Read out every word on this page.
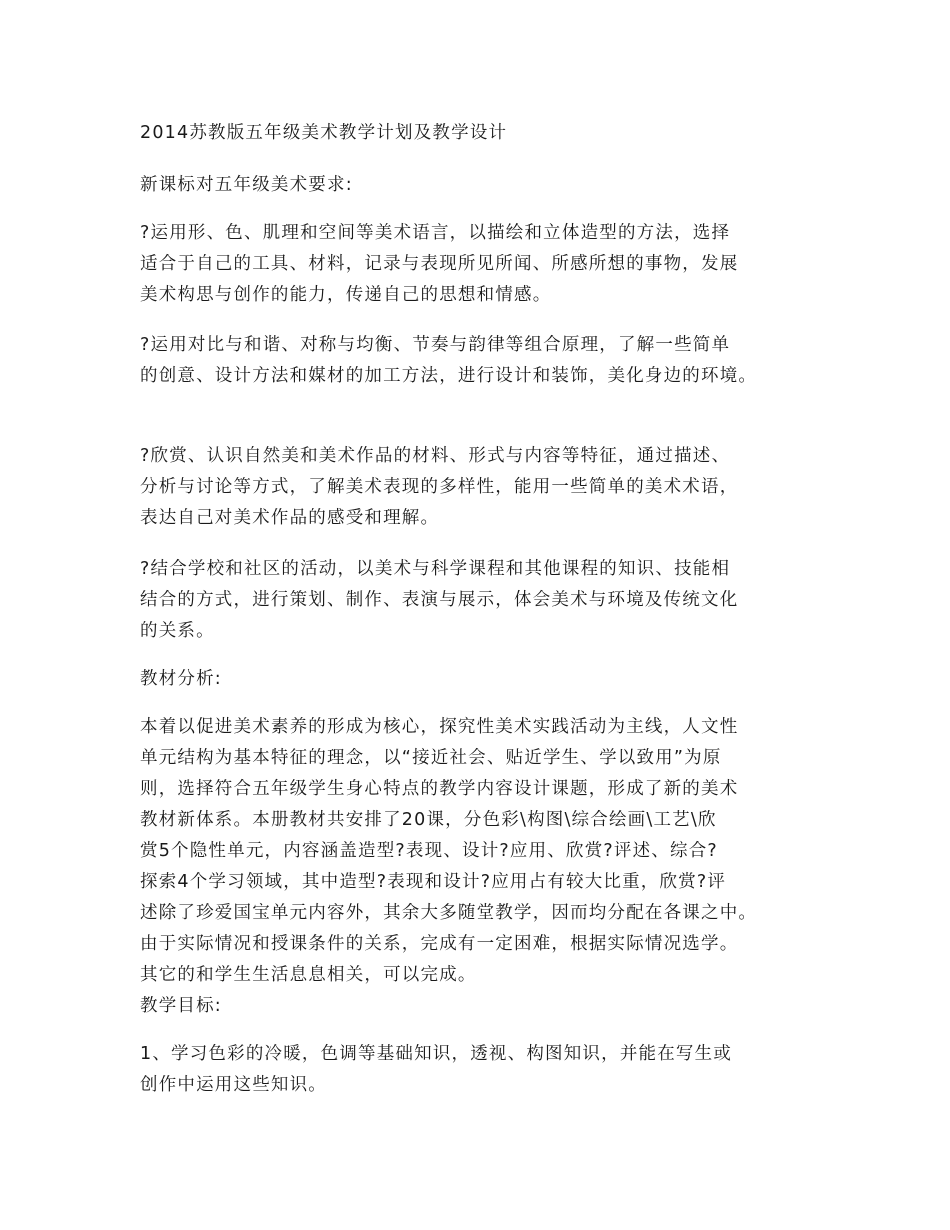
2014苏教版五年级美术教学计划及教学设计

新课标对五年级美术要求:

?运用形、色、肌理和空间等美术语言，以描绘和立体造型的方法，选择
适合于自己的工具、材料，记录与表现所见所闻、所感所想的事物，发展
美术构思与创作的能力，传递自己的思想和情感。

?运用对比与和谐、对称与均衡、节奏与韵律等组合原理，了解一些简单
的创意、设计方法和媒材的加工方法，进行设计和装饰，美化身边的环境。

?欣赏、认识自然美和美术作品的材料、形式与内容等特征，通过描述、
分析与讨论等方式，了解美术表现的多样性，能用一些简单的美术术语，
表达自己对美术作品的感受和理解。

?结合学校和社区的活动，以美术与科学课程和其他课程的知识、技能相
结合的方式，进行策划、制作、表演与展示，体会美术与环境及传统文化
的关系。

教材分析:

本着以促进美术素养的形成为核心，探究性美术实践活动为主线，人文性
单元结构为基本特征的理念，以“接近社会、贴近学生、学以致用”为原
则，选择符合五年级学生身心特点的教学内容设计课题，形成了新的美术
教材新体系。本册教材共安排了20课，分色彩\构图\综合绘画\工艺\欣
赏5个隐性单元，内容涵盖造型?表现、设计?应用、欣赏?评述、综合?
探索4个学习领域，其中造型?表现和设计?应用占有较大比重，欣赏?评
述除了珍爱国宝单元内容外，其余大多随堂教学，因而均分配在各课之中。
由于实际情况和授课条件的关系，完成有一定困难，根据实际情况选学。
其它的和学生生活息息相关，可以完成。

教学目标:

1、学习色彩的冷暖，色调等基础知识，透视、构图知识，并能在写生或
创作中运用这些知识。
